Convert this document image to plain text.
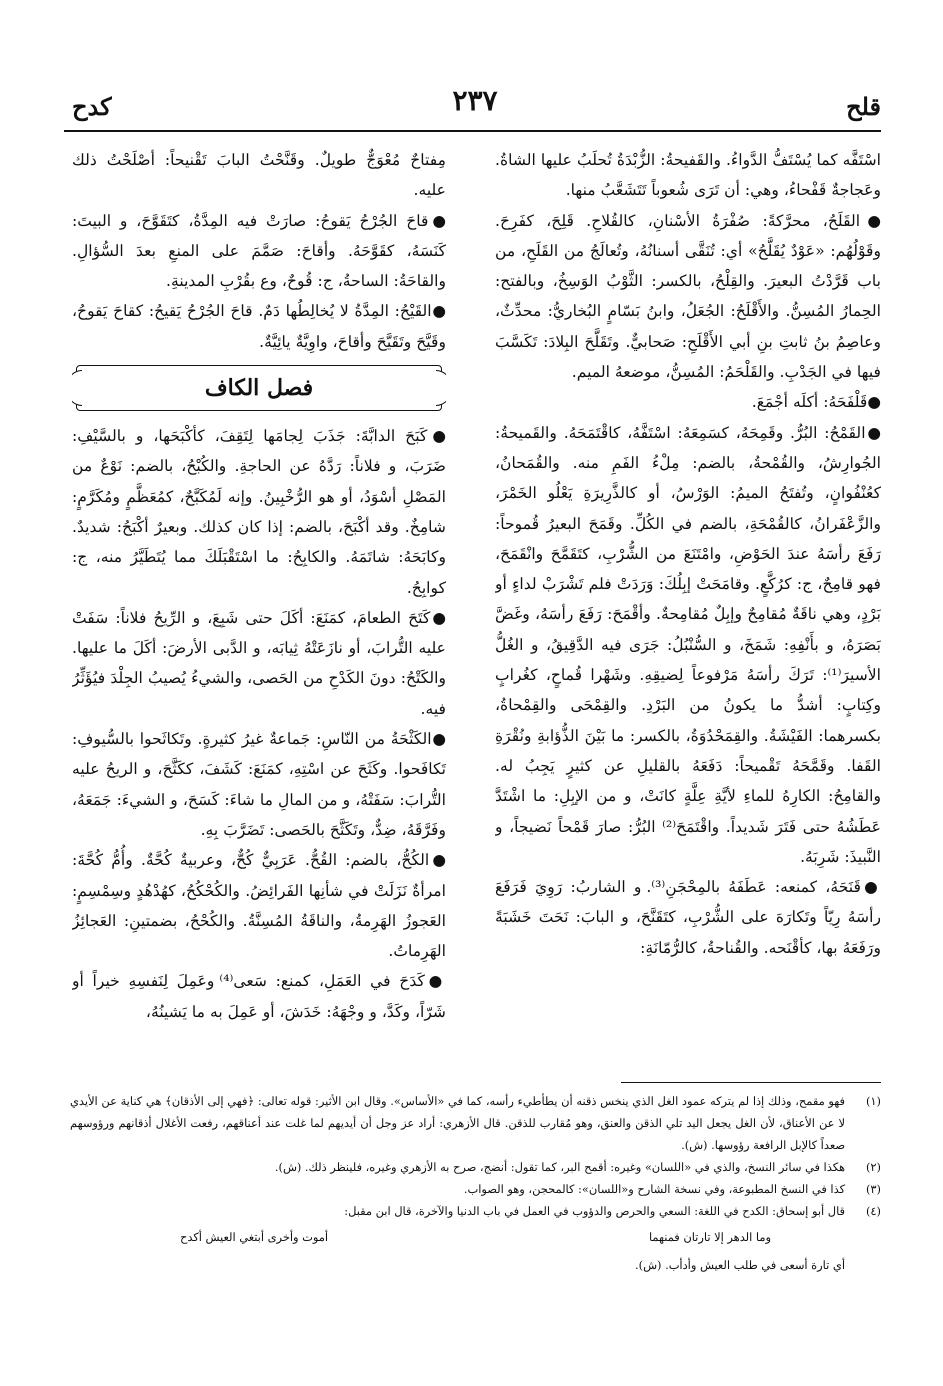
قلح
٢٣٧
كدح

اسْتَفَّه كما يُسْتَفُّ الدَّواءُ. والقَفيحةُ: الزُّبْدَةُ تُحلَبُ عليها الشاةُ. وعَجاجةٌ قَفْحاءُ، وهي: أن تَرَى شُعوباً تَتَشَعَّبُ منها.

●القَلَحُ، محرَّكةً: صُفْرَةُ الأسْنانِ، كالقُلاحِ. قَلِحَ، كفَرِحَ. وقَوْلُهُم: «عَوْدٌ يُقَلَّحُ» أي: تُنَقَّى أسنانُهُ، وتُعالَجُ من القَلَحِ، من باب قَرَّدْتُ البعيرَ. والقِلْحُ، بالكسر: الثَّوْبُ الوَسِخُ، وبالفتح: الحِمارُ المُسِنُّ. والأَقْلَحُ: الجُعَلُ، وابنُ بَسّامٍ البُخاريُّ: محدِّثٌ، وعاصِمُ بنُ ثابتِ بنِ أبي الأَقْلَحِ: صَحابيٌّ. وتَقَلَّحَ البِلادَ: تَكَسَّبَ فيها في الجَدْبِ. والقَلْحَمُ: المُسِنُّ، موضعهُ الميم.

●قَلْفَحَهُ: أكلَه أجْمَعَ.

●القَمْحُ: البُرُّ. وقَمِحَهُ، كسَمِعَهُ: اسْتَفَّهُ، كاقْتَمَحَهُ. والقَميحةُ: الجُوارِشُ، والقُمْحةُ، بالضم: مِلْءُ الفَمِ منه. والقُمَحانُ، كعُنْفُوانٍ، وتُفتَحُ الميمُ: الوَرْسُ، أو كالذَّرِيرَةِ يَعْلُو الخَمْرَ، والزَّعْفَرانُ، كالقُمْحَةِ، بالضم في الكُلِّ. وقَمَحَ البعيرُ قُموحاً: رَفَعَ رأسَهُ عندَ الحَوْضِ، وامْتَنَعَ من الشُّرْبِ، كتَقَمَّحَ وانْقَمَحَ، فهو قامِحٌ، ج: كرُكَّعٍ. وقامَحَتْ إبِلُكَ: وَرَدَتْ فلم تَشْرَبْ لداءٍ أو بَرْدٍ، وهي ناقَةٌ مُقامِحٌ وإبِلٌ مُقامِحةٌ. وأقْمَحَ: رَفَعَ رأسَهُ، وغَضَّ بَصَرَهُ، و بأَنْفِهِ: شَمَخَ، و السُّنْبُلُ: جَرَى فيه الدَّقِيقُ، و الغُلُّ الأسيرَ⁽¹⁾: تَرَكَ رأسَهُ مَرْفوعاً لِضيقِهِ. وشَهْرا قُماحٍ، كغُرابٍ وكِتابٍ: أشدُّ ما يكونُ من البَرْدِ. والقِمْحَى والقِمْحاةُ، بكسرهما: الفَيْشَةُ. والقِمَحْدُوَةُ، بالكسر: ما بَيْنَ الذُّؤابةِ ونُقْرَةِ القَفا. وقَمَّحَهُ تَقْميحاً: دَفَعَهُ بالقليلِ عن كثيرٍ يَجِبُ له. والقامِحُ: الكارِهُ للماءِ لأيَّةِ عِلَّةٍ كانَتْ، و من الإبِلِ: ما اشْتَدَّ عَطَشُهُ حتى فَتَرَ شَديداً. واقْتَمَحَ⁽²⁾ البُرُّ: صارَ قَمْحاً نَضيجاً، و النَّبيذَ: شَرِبَهُ.

●قَنَحَهُ، كمنعه: عَطَفَهُ بالمِحْجَنِ⁽³⁾. و الشاربُ: رَوِيَ فَرَفَعَ رأسَهُ رِيّاً وتَكارَهَ على الشُّرْبِ، كتَقَنَّحَ، و البابَ: نَحَتَ خَشَبَةً ورَفَعَهُ بها، كأقْنَحه. والقُناحةُ، كالرُّمّانَةِ:

مِفتاحٌ مُعْوَجٌّ طويلٌ. وقَنَّحْتُ البابَ تَقْنيحاً: أصْلَحْتُ ذلك عليه.

●قاحَ الجُرْحُ يَقوحُ: صارَتْ فيه المِدَّةُ، كتَقَوَّحَ، و البيتَ: كَنَسَهُ، كقَوَّحَهُ. وأقاحَ: صَمَّمَ على المنعِ بعدَ السُّؤالِ. والقاحَةُ: الساحةُ، ج: قُوحٌ، وع بقُرْبِ المدينةِ.

●القَيْحُ: المِدَّةُ لا يُخالِطُها دَمٌ. قاحَ الجُرْحُ يَقيحُ: كقاحَ يَقوحُ، وقَيَّحَ وتَقَيَّحَ وأقاحَ، واوِيَّةٌ يائِيَّةٌ.

فصل الكاف

●كَبَحَ الدابَّةَ: جَذَبَ لِجامَها لِتَقِفَ، كأكْبَحَها، و بالسَّيْفِ: ضَرَبَ، و فلاناً: رَدَّهُ عن الحاجةِ. والكُبْحُ، بالضم: نَوْعٌ من المَصْلِ أسْوَدُ، أو هو الرُّخْبِينُ. وإنه لَمُكَبَّحٌ، كمُعَظَّمٍ ومُكَرَّمٍ: شامِخٌ. وقد أكْبَحَ، بالضم: إذا كان كذلك. وبعيرٌ أكْبَحُ: شديدٌ. وكابَحَهُ: شاتَمَهُ. والكابِحُ: ما اسْتَقْبَلَكَ مما يُتَطَيَّرُ منه، ج: كوابِحُ.

●كَتَحَ الطعامَ، كمَنَعَ: أكَلَ حتى شَبِعَ، و الرِّيحُ فلاناً: سَفَتْ عليه التُّرابَ، أو نازَعَتْهُ ثِيابَه، و الدَّبى الأرضَ: أكَلَ ما عليها. والكَتْحُ: دونَ الكَدْحِ من الحَصى، والشيءُ يُصيبُ الجِلْدَ فيُؤَثِّرُ فيه.

●الكَثْحَةُ من النّاسِ: جَماعةٌ غيرُ كثيرةٍ. وتَكاثَحوا بالسُّيوفِ: تَكافَحوا. وكَثَحَ عن اسْتِهِ، كمَنَعَ: كَشَفَ، ككَثَّحَ، و الريحُ عليه التُّرابَ: سَفَتْهُ، و من المالِ ما شاءَ: كَسَحَ، و الشيءَ: جَمَعَهُ، وفَرَّقَهُ، ضِدٌّ، وتَكَثَّحَ بالحَصى: تَضَرَّبَ بِهِ.

●الكُحُّ، بالضم: القُحُّ. عَرَبِيٌّ كُحٌّ، وعربيةٌ كُحَّةٌ. وأُمُّ كُحَّةَ: امرأةٌ نَزَلَتْ في شأنِها الفَرائِضُ. والكُحْكُحُ، كهُدْهُدٍ وسِمْسِمٍ: العَجوزُ الهَرِمةُ، والناقَةُ المُسِنَّةُ. والكُحْحُ، بضمتينِ: العَجائِزُ الهَرِماتُ.

●كَدَحَ في العَمَلِ، كمنع: سَعى⁽⁴⁾ وعَمِلَ لِنَفسِهِ خيراً أو شَرّاً، وكَدَّ، و وجْهَهُ: خَدَشَ، أو عَمِلَ به ما يَشينُهُ،

(١)
فهو مقمح، وذلك إذا لم يتركه عمود الغل الذي ينخس ذقنه أن يطأطيء رأسه، كما في «الأساس». وقال ابن الأثير: قوله تعالى: ﴿فهي إلى الأذقان﴾ هي كناية عن الأيدي لا عن الأعناق، لأن الغل يجعل اليد تلي الذقن والعنق، وهو مُقارب للذقن. قال الأزهري: أراد عز وجل أن أيديهم لما غلت عند أعناقهم، رفعت الأغلال أذقانهم ورؤوسهم صعداً كالإبل الرافعة رؤوسها. (ش).
(٢)
هكذا في سائر النسخ، والذي في «اللسان» وغيره: أقمح البر، كما تقول: أنضج، صرح به الأزهري وغيره، فلينظر ذلك. (ش).
(٣)
كذا في النسخ المطبوعة، وفي نسخة الشارح و«اللسان»: كالمحجن، وهو الصواب.
(٤)
قال أبو إسحاق: الكدح في اللغة: السعي والحرص والدؤوب في العمل في باب الدنيا والآخرة، قال ابن مقبل:
وما الدهر إلا تارتان فمنهما
أموت وأخرى أبتغي العيش أكدح

أي تارة أسعى في طلب العيش وأدأب. (ش).
